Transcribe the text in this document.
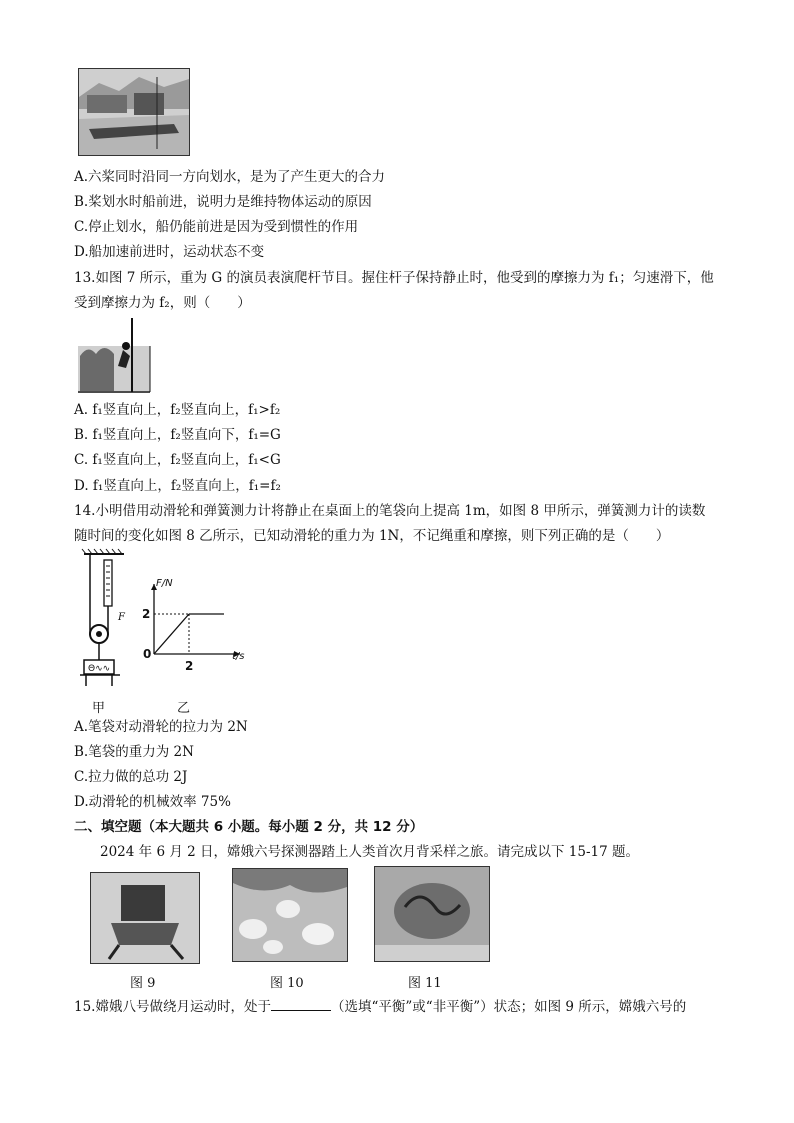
A.六桨同时沿同一方向划水，是为了产生更大的合力
B.桨划水时船前进，说明力是维持物体运动的原因
C.停止划水，船仍能前进是因为受到惯性的作用
D.船加速前进时，运动状态不变
13.如图 7 所示，重为 G 的演员表演爬杆节目。握住杆子保持静止时，他受到的摩擦力为 f₁；匀速滑下，他
受到摩擦力为 f₂，则（　　）
A. f₁竖直向上，f₂竖直向上，f₁>f₂
B. f₁竖直向上，f₂竖直向下，f₁=G
C. f₁竖直向上，f₂竖直向上，f₁<G
D. f₁竖直向上，f₂竖直向上，f₁=f₂
14.小明借用动滑轮和弹簧测力计将静止在桌面上的笔袋向上提高 1m，如图 8 甲所示，弹簧测力计的读数
随时间的变化如图 8 乙所示，已知动滑轮的重力为 1N，不记绳重和摩擦，则下列正确的是（　　）
Θ∿∿
F
甲
t/s
F/N
0
2
2
乙
A.笔袋对动滑轮的拉力为 2N
B.笔袋的重力为 2N
C.拉力做的总功 2J
D.动滑轮的机械效率 75%
二、填空题（本大题共 6 小题。每小题 2 分，共 12 分）
2024 年 6 月 2 日，嫦娥六号探测器踏上人类首次月背采样之旅。请完成以下 15-17 题。
图 9	图 10	图 11
15.嫦娥八号做绕月运动时，处于	（选填“平衡”或“非平衡”）状态；如图 9 所示，嫦娥六号的
